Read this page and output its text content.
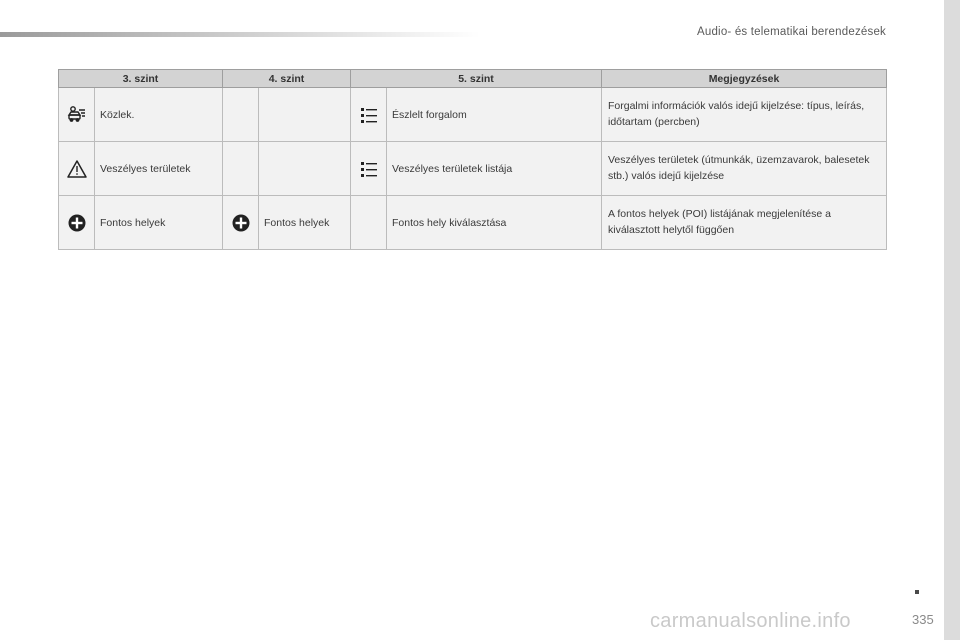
Audio- és telematikai berendezések
3. szint		4. szint		5. szint		Megjegyzések

	Közlek.				Észlelt forgalom	Forgalmi információk valós idejű kijelzése: típus, leírás, időtartam (percben)

	Veszélyes területek				Veszélyes területek listája	Veszélyes területek (útmunkák, üzemzavarok, balesetek stb.) valós idejű kijelzése

	Fontos helyek		Fontos helyek		Fontos hely kiválasztása	A fontos helyek (POI) listájának megjelenítése a kiválasztott helytől függően
335
carmanualsonline.info
